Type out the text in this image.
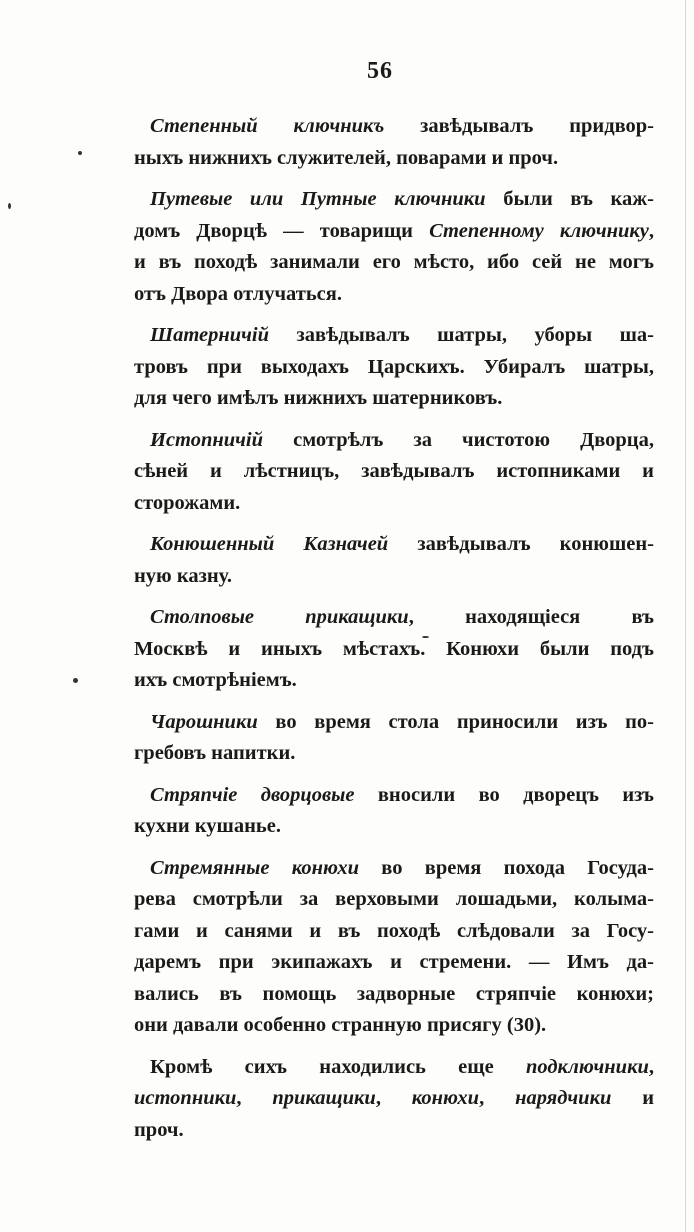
56
Степенный ключникъ завѣдывалъ придвор-
ныхъ нижнихъ служителей, поварами и проч.
Путевые или Путные ключники были въ каж-
домъ Дворцѣ — товарищи Степенному ключнику,
и въ походѣ занимали его мѣсто, ибо сей не могъ
отъ Двора отлучаться.
Шатерничій завѣдывалъ шатры, уборы ша-
тровъ при выходахъ Царскихъ. Убиралъ шатры,
для чего имѣлъ нижнихъ шатерниковъ.
Истопничій смотрѣлъ за чистотою Дворца,
сѣней и лѣстницъ, завѣдывалъ истопниками и
сторожами.
Конюшенный Казначей завѣдывалъ конюшен-
ную казну.
Столповые прикащики, находящіеся въ
Москвѣ и иныхъ мѣстахъ. Конюхи были подъ
ихъ смотрѣніемъ.
Чарошники во время стола приносили изъ по-
гребовъ напитки.
Стряпчіе дворцовые вносили во дворецъ изъ
кухни кушанье.
Стремянные конюхи во время похода Госуда-
рева смотрѣли за верховыми лошадьми, колыма-
гами и санями и въ походѣ слѣдовали за Госу-
даремъ при экипажахъ и стремени. — Имъ да-
вались въ помощь задворные стряпчіе конюхи;
они давали особенно странную присягу (30).
Кромѣ сихъ находились еще подключники,
истопники, прикащики, конюхи, нарядчики и
проч.
